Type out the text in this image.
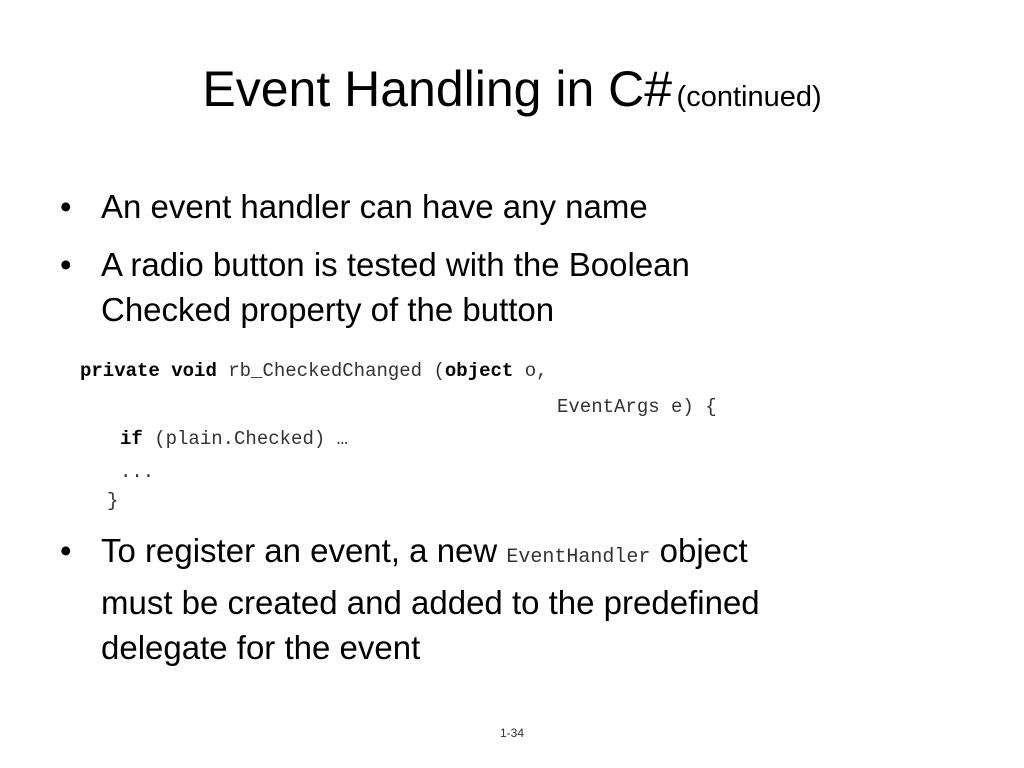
Event Handling in C# (continued)
• An event handler can have any name
• A radio button is tested with the Boolean
Checked property of the button
private void rb_CheckedChanged (object o,
EventArgs e) {
if (plain.Checked) …
...
}
• To register an event, a new EventHandler object
must be created and added to the predefined
delegate for the event
1-34
